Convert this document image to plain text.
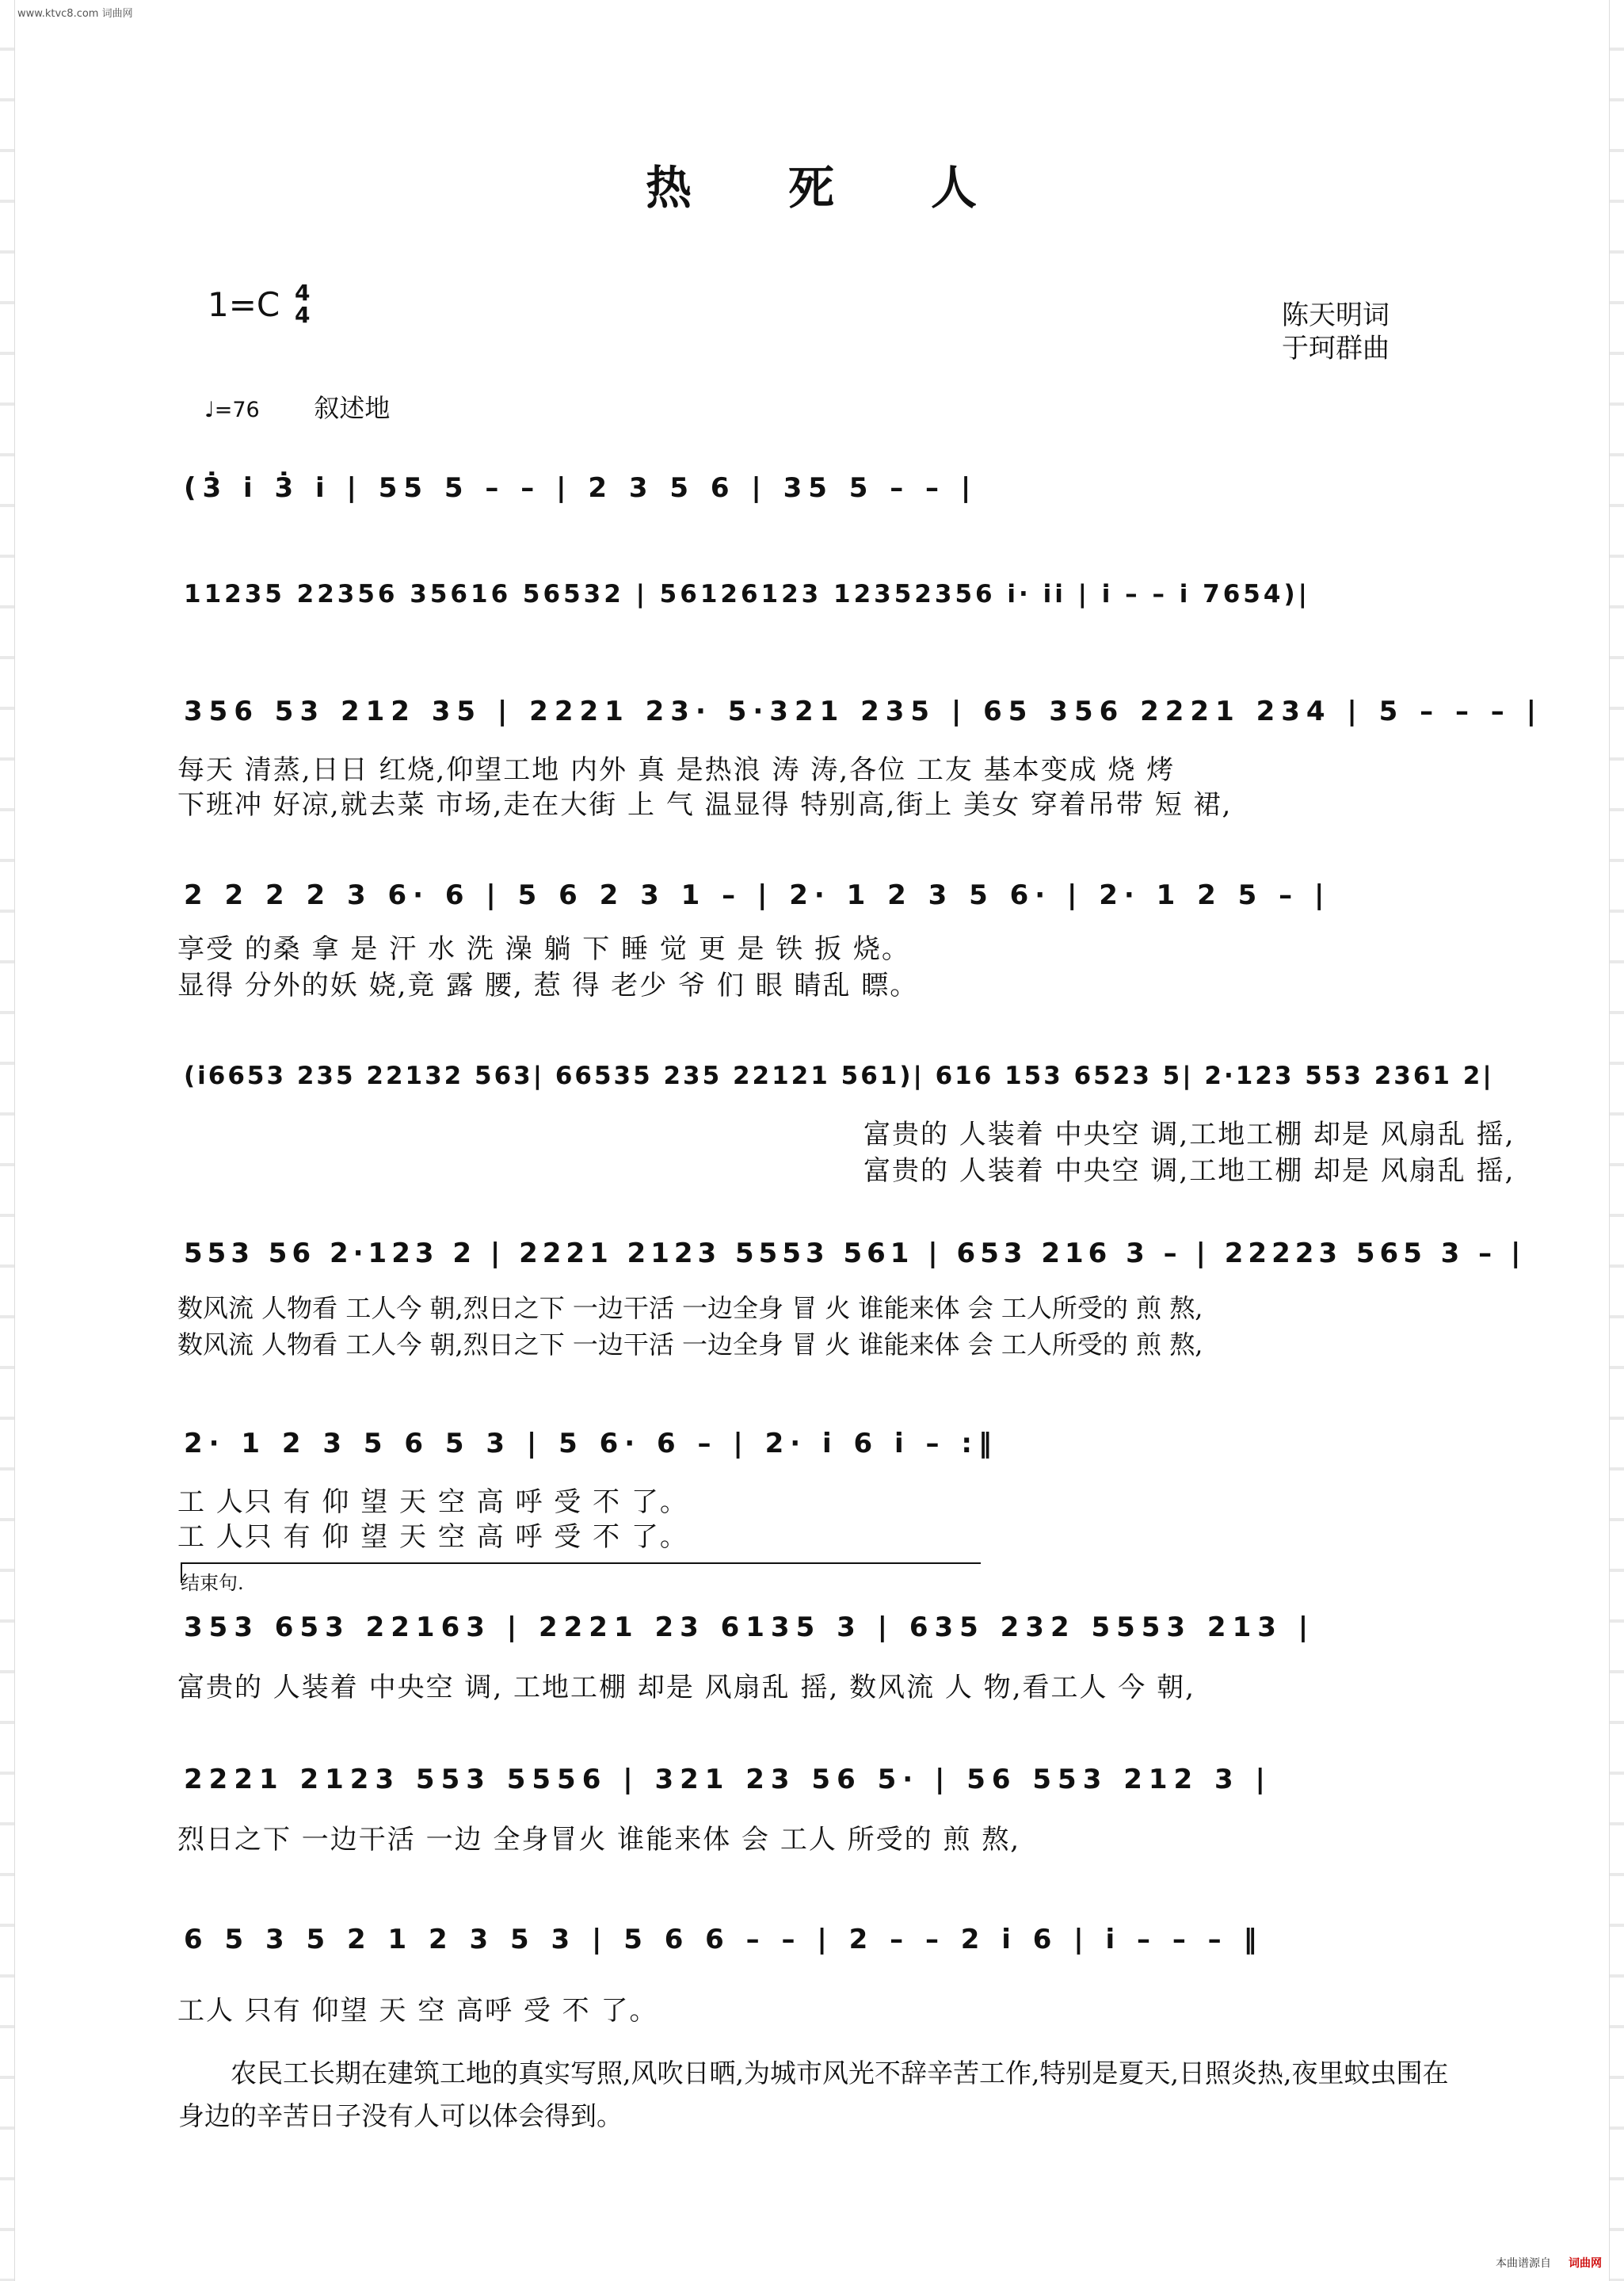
www.ktvc8.com 词曲网
热 死 人
1=C 4
4	陈天明词
于珂群曲
♩=76 叙述地
(3̇ i̇ 3̇ i̇ | 55 5 – – | 2 3 5 6 | 35 5 – – |
11235 22356 35616 56532 | 56126123 12352356 i· ii | i – – i 7654)|
356 53 212 35 | 2221 23· 5·321 235 | 65 356 2221 234 | 5 – – – |
每天 清蒸,日日 红烧,仰望工地 内外 真 是热浪 涛 涛,各位 工友 基本变成 烧 烤
下班冲 好凉,就去菜 市场,走在大街 上 气 温显得 特别高,街上 美女 穿着吊带 短 裙,
2 2 2 2 3 6· 6 | 5 6 2 3 1 – | 2· 1 2 3 5 6· | 2· 1 2 5 – |
享受 的桑 拿 是 汗 水 洗 澡 躺 下 睡 觉 更 是 铁 扳 烧。
显得 分外的妖 娆,竟 露 腰, 惹 得 老少 爷 们 眼 睛乱 瞟。
(i6653 235 22132 563| 66535 235 22121 561)| 616 153 6523 5| 2·123 553 2361 2|
富贵的 人装着 中央空 调,工地工棚 却是 风扇乱 摇,
富贵的 人装着 中央空 调,工地工棚 却是 风扇乱 摇,
553 56 2·123 2 | 2221 2123 5553 561 | 653 216 3 – | 22223 565 3 – |
数风流 人物看 工人今 朝,烈日之下 一边干活 一边全身 冒 火 谁能来体 会 工人所受的 煎 熬,
数风流 人物看 工人今 朝,烈日之下 一边干活 一边全身 冒 火 谁能来体 会 工人所受的 煎 熬,
2· 1 2 3 5 6 5 3 | 5 6· 6 – | 2· i 6 i – :‖
工 人只 有 仰 望 天 空 高 呼 受 不 了。
工 人只 有 仰 望 天 空 高 呼 受 不 了。
结束句.
353 653 22163 | 2221 23 6135 3 | 635 232 5553 213 |
富贵的 人装着 中央空 调, 工地工棚 却是 风扇乱 摇, 数风流 人 物,看工人 今 朝,
2221 2123 553 5556 | 321 23 56 5· | 56 553 212 3 |
烈日之下 一边干活 一边 全身冒火 谁能来体 会 工人 所受的 煎 熬,
6 5 3 5 2 1 2 3 5 3 | 5 6 6 – – | 2 – – 2 i 6 | i – – – ‖
工人 只有 仰望 天 空 高呼 受 不 了。
农民工长期在建筑工地的真实写照,风吹日晒,为城市风光不辞辛苦工作,特别是夏天,日照炎热,夜里蚊虫围在身边的辛苦日子没有人可以体会得到。
本曲谱源自 词曲网
